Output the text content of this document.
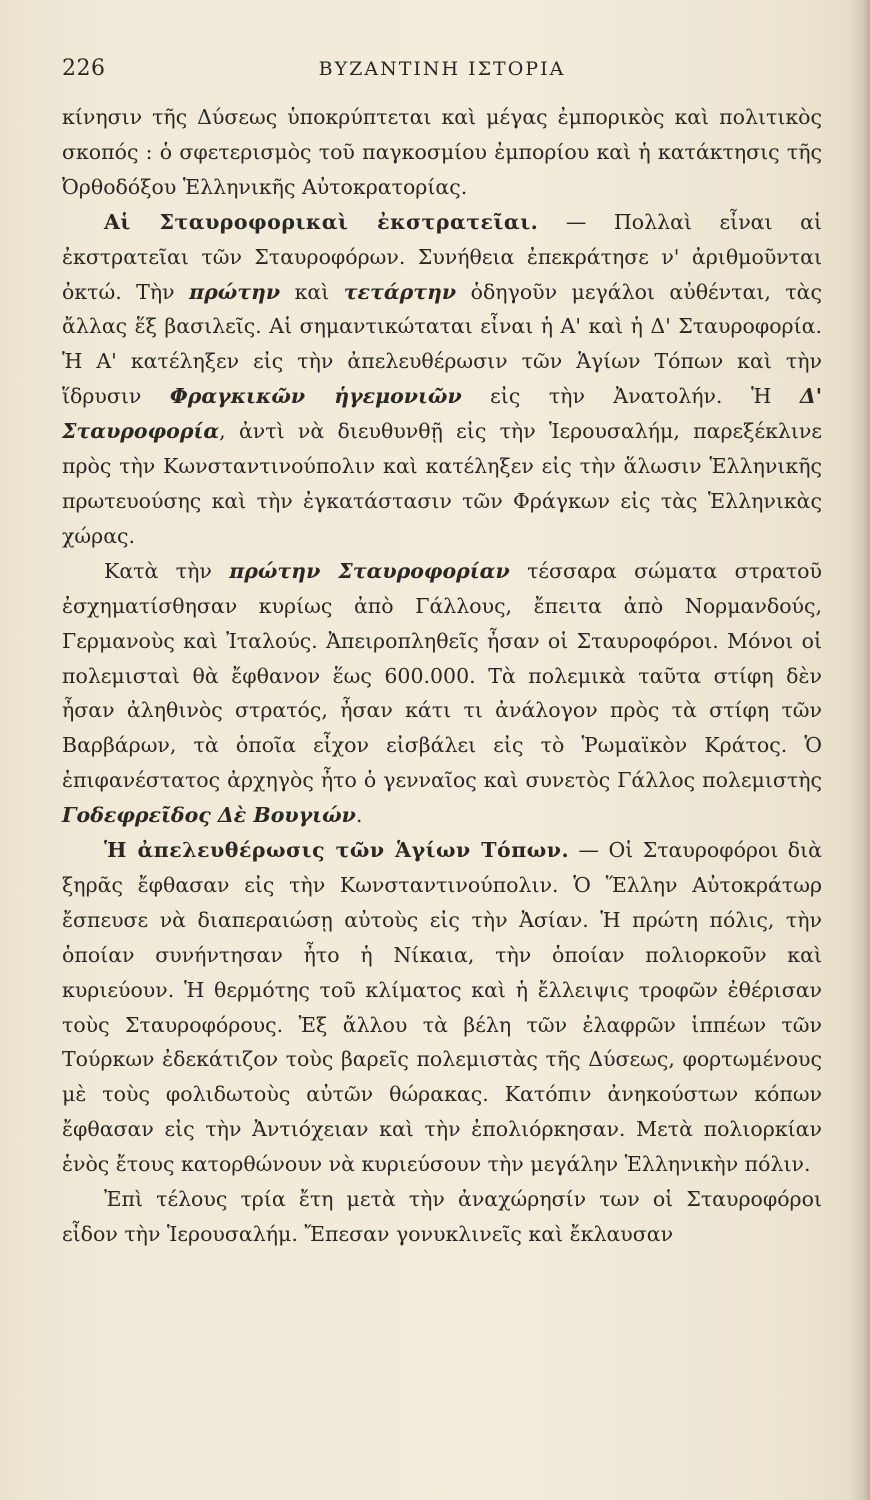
226	ΒΥΖΑΝΤΙΝΗ ΙΣΤΟΡΙΑ

κίνησιν τῆς Δύσεως ὑποκρύπτεται καὶ μέγας ἐμπορικὸς καὶ πολιτικὸς σκοπός : ὁ σφετερισμὸς τοῦ παγκοσμίου ἐμπορίου καὶ ἡ κατάκτησις τῆς Ὀρθοδόξου Ἑλληνικῆς Αὐτοκρατορίας.

Αἱ Σταυροφορικαὶ ἐκστρατεῖαι. — Πολλαὶ εἶναι αἱ ἐκστρατεῖαι τῶν Σταυροφόρων. Συνήθεια ἐπεκράτησε ν' ἀριθμοῦνται ὀκτώ. Τὴν πρώτην καὶ τετάρτην ὁδηγοῦν μεγάλοι αὐθένται, τὰς ἄλλας ἕξ βασιλεῖς. Αἱ σημαντικώταται εἶναι ἡ Α' καὶ ἡ Δ' Σταυροφορία. Ἡ Α' κατέληξεν εἰς τὴν ἀπελευθέρωσιν τῶν Ἁγίων Τόπων καὶ τὴν ἵδρυσιν Φραγκικῶν ἡγεμονιῶν εἰς τὴν Ἀνατολήν. Ἡ Δ' Σταυροφορία, ἀντὶ νὰ διευθυνθῇ εἰς τὴν Ἱερουσαλήμ, παρεξέκλινε πρὸς τὴν Κωνσταντινούπολιν καὶ κατέληξεν εἰς τὴν ἅλωσιν Ἑλληνικῆς πρωτευούσης καὶ τὴν ἐγκατάστασιν τῶν Φράγκων εἰς τὰς Ἑλληνικὰς χώρας.

Κατὰ τὴν πρώτην Σταυροφορίαν τέσσαρα σώματα στρατοῦ ἐσχηματίσθησαν κυρίως ἀπὸ Γάλλους, ἔπειτα ἀπὸ Νορμανδούς, Γερμανοὺς καὶ Ἰταλούς. Ἀπειροπληθεῖς ἦσαν οἱ Σταυροφόροι. Μόνοι οἱ πολεμισταὶ θὰ ἔφθανον ἕως 600.000. Τὰ πολεμικὰ ταῦτα στίφη δὲν ἦσαν ἀληθινὸς στρατός, ἦσαν κάτι τι ἀνάλογον πρὸς τὰ στίφη τῶν Βαρβάρων, τὰ ὁποῖα εἶχον εἰσβάλει εἰς τὸ Ῥωμαϊκὸν Κράτος. Ὁ ἐπιφανέστατος ἀρχηγὸς ἦτο ὁ γενναῖος καὶ συνετὸς Γάλλος πολεμιστὴς Γοδεφρεῖδος Δὲ Βουγιών.

Ἡ ἀπελευθέρωσις τῶν Ἁγίων Τόπων. — Οἱ Σταυροφόροι διὰ ξηρᾶς ἔφθασαν εἰς τὴν Κωνσταντινούπολιν. Ὁ Ἕλλην Αὐτοκράτωρ ἔσπευσε νὰ διαπεραιώσῃ αὐτοὺς εἰς τὴν Ἀσίαν. Ἡ πρώτη πόλις, τὴν ὁποίαν συνήντησαν ἦτο ἡ Νίκαια, τὴν ὁποίαν πολιορκοῦν καὶ κυριεύουν. Ἡ θερμότης τοῦ κλίματος καὶ ἡ ἔλλειψις τροφῶν ἐθέρισαν τοὺς Σταυροφόρους. Ἐξ ἄλλου τὰ βέλη τῶν ἐλαφρῶν ἱππέων τῶν Τούρκων ἐδεκάτιζον τοὺς βαρεῖς πολεμιστὰς τῆς Δύσεως, φορτωμένους μὲ τοὺς φολιδωτοὺς αὐτῶν θώρακας. Κατόπιν ἀνηκούστων κόπων ἔφθασαν εἰς τὴν Ἀντιόχειαν καὶ τὴν ἐπολιόρκησαν. Μετὰ πολιορκίαν ἑνὸς ἔτους κατορθώνουν νὰ κυριεύσουν τὴν μεγάλην Ἑλληνικὴν πόλιν.

Ἐπὶ τέλους τρία ἔτη μετὰ τὴν ἀναχώρησίν των οἱ Σταυροφόροι εἶδον τὴν Ἱερουσαλήμ. Ἔπεσαν γονυκλινεῖς καὶ ἔκλαυσαν
